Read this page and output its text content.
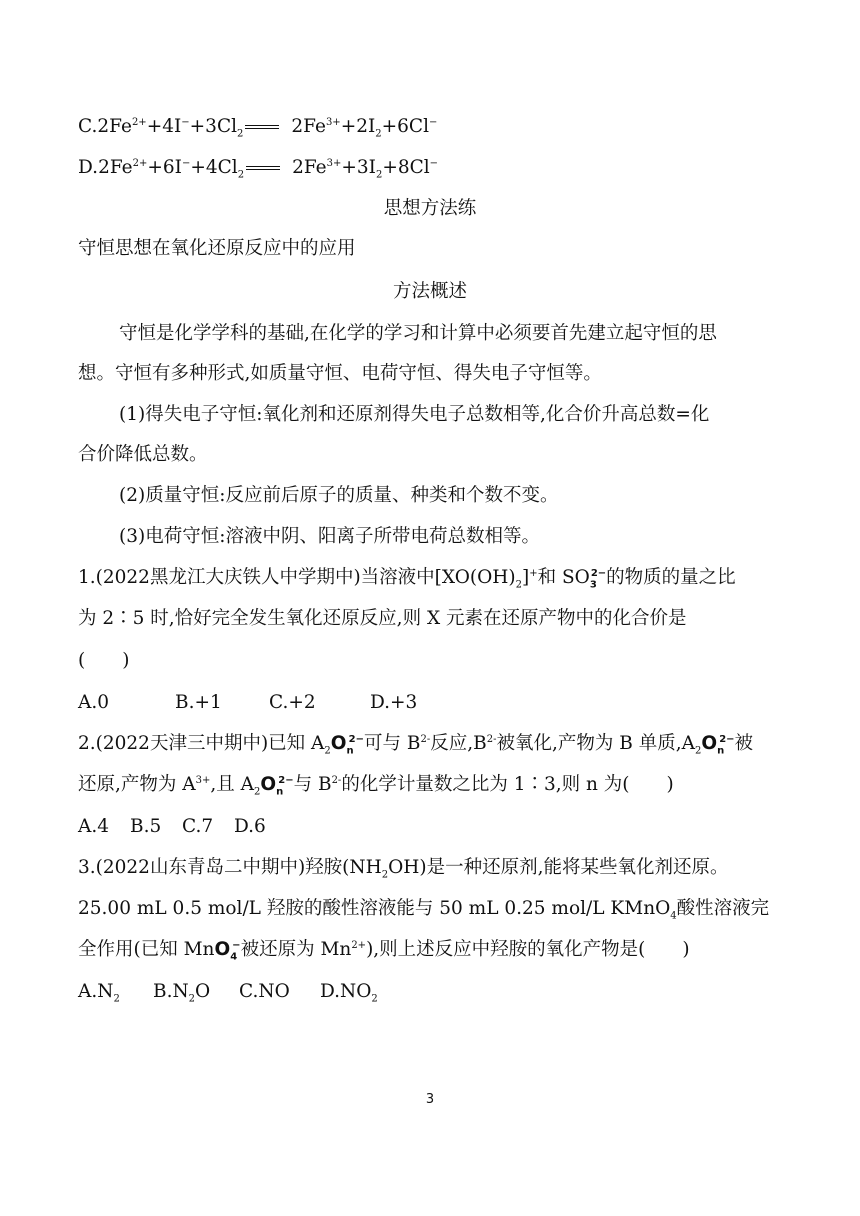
$C.2Fe^{2+}+4I^-+3Cl_2$	$2Fe^{3+}+2I_2+6Cl^-$
$D.2Fe^{2+}+6I^-+4Cl_2$	$2Fe^{3+}+3I_2+8Cl^-$
思想方法练
守恒思想在氧化还原反应中的应用
方法概述
守恒是化学学科的基础,在化学的学习和计算中必须要首先建立起守恒的思
想。守恒有多种形式,如质量守恒、电荷守恒、得失电子守恒等。
(1)得失电子守恒:氧化剂和还原剂得失电子总数相等,化合价升高总数=化
合价降低总数。
(2)质量守恒:反应前后原子的质量、种类和个数不变。
(3)电荷守恒:溶液中阴、阳离子所带电荷总数相等。
1.(2022黑龙江大庆铁人中学期中)当溶液中$[XO(OH)_2]^+$和 $SO_3^{2-}$的物质的量之比
为 2∶5 时,恰好完全发生氧化还原反应,则 X 元素在还原产物中的化合价是
(　　)
A.0	B.+1	C.+2	D.+3
2.(2022天津三中期中)已知 $A_2O_n^{2-}$可与 $B^{2-}$反应$,B^{2-}$被氧化,产物为 B 单质$,A_2O_n^{2-}$被
还原,产物为 $A^{3+}$,且 $A_2O_n^{2-}$与 $B^{2-}$的化学计量数之比为 1∶3,则 n 为(　　)
A.4 B.5 C.7 D.6
3.(2022山东青岛二中期中)羟胺$(NH_2OH)$是一种还原剂,能将某些氧化剂还原。
25.00 mL 0.5 mol/L 羟胺的酸性溶液能与 50 mL 0.25 mol/L KMnO$_4$酸性溶液完
全作用(已知 MnO$_4$−被还原为 $Mn^{2+}$),则上述反应中羟胺的氧化产物是(　　)
$A.N_2$ $B.N_2O$ C.NO $D.NO_2$
3
